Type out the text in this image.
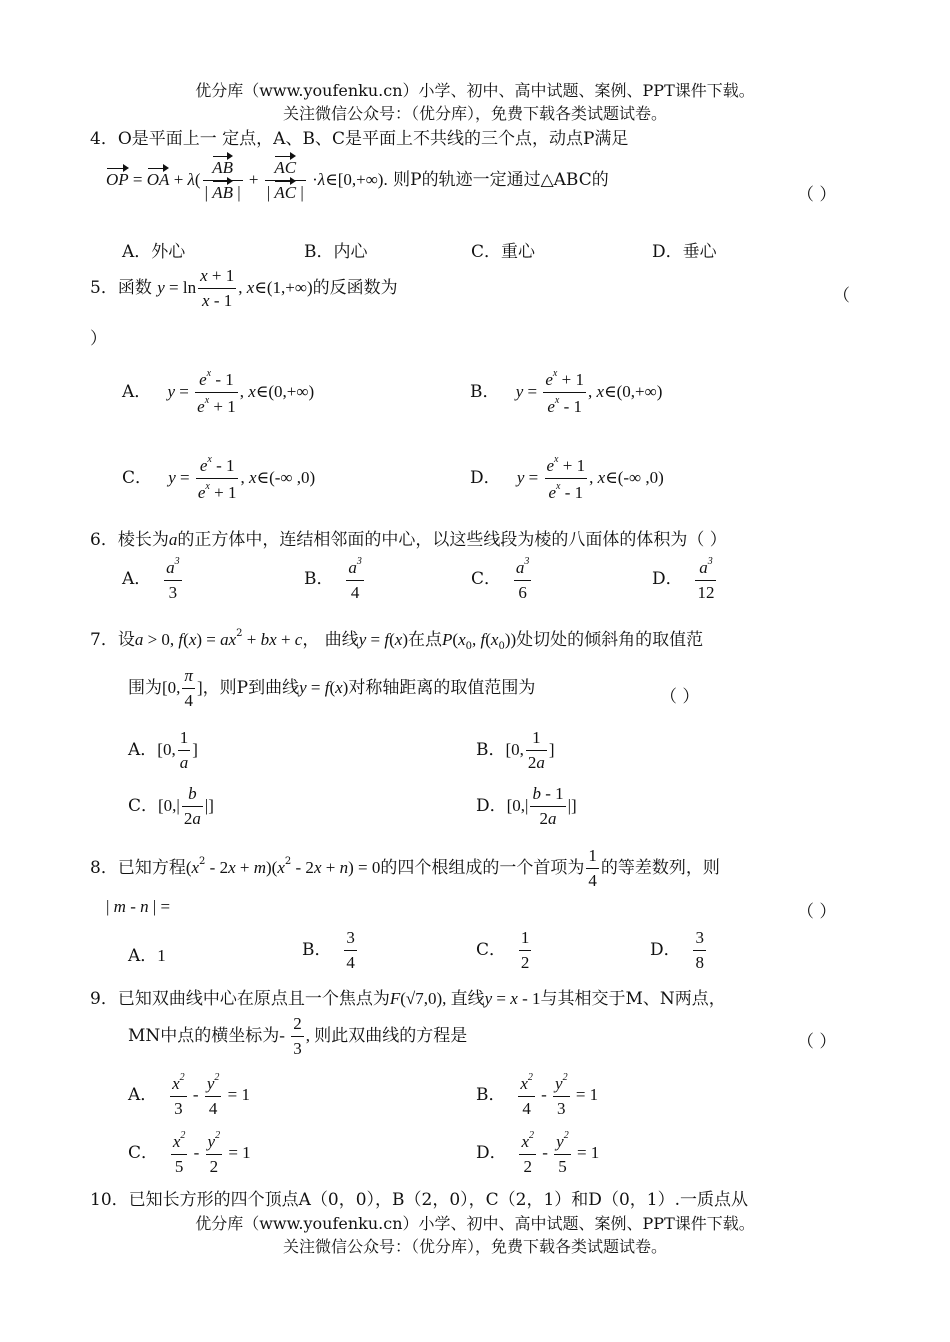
优分库（www.youfenku.cn）小学、初中、高中试题、案例、PPT课件下载。
关注微信公众号：（优分库），免费下载各类试题试卷。
4．O是平面上一 定点，A、B、C是平面上不共线的三个点，动点P满足
OP = OA + $\lambda( \frac{AB}{| AB |} + \frac{AC}{| AC |}$ ·λ∈[0,+∞). 则P的轨迹一定通过△ABC的
（ ）
A．外心	B．内心	C．重心	D．垂心
5．函数 $y = \ln \frac{x + 1}{x - 1}$ , x∈(1,+∞)的反函数为	（
）
A． $y = \frac{e^x - 1}{e^x + 1}$ , x∈(0,+∞)	B． $y = \frac{e^x + 1}{e^x - 1}$ , x∈(0,+∞)
C． $y = \frac{e^x - 1}{e^x + 1}$ , x∈(-∞ ,0)	D． $y = \frac{e^x + 1}{e^x - 1}$ , x∈(-∞ ,0)
6．棱长为a的正方体中，连结相邻面的中心，以这些线段为棱的八面体的体积为（ ）
A． $\frac{a^3}{3}$	B． $\frac{a^3}{4}$	C． $\frac{a^3}{6}$	D． $\frac{a^3}{12}$
7．设a > 0, $f(x) = ax^2$ + bx + c， 曲线y = f(x)在点$P(x_0$, $f(x_0)$)处切处的倾斜角的取值范
围为[0, $\frac{\pi}{4}$ ]，则P到曲线y = f(x)对称轴距离的取值范围为	（ ）
A．[0, $\frac{1}{a}$ ]	B．[0, $\frac{1}{2a}$ ]
C．[$0,| \frac{b}{2a}$ |]	D．[$0,| \frac{b - 1}{2a}$ |]
8．已知方程$(x^2 - 2x + m)(x^2 - 2x + n) = 0$的四个根组成的一个首项为 $\frac{1}{4}$ 的等差数列，则
| m - n | =	（ ）
A．1	B． $\frac{3}{4}$	C． $\frac{1}{2}$	D． $\frac{3}{8}$
9．已知双曲线中心在原点且一个焦点为F(√7,0), 直线y = x - 1与其相交于M、N两点，
MN中点的横坐标为- $\frac{2}{3}$ , 则此双曲线的方程是	（ ）
A． $\frac{x^2}{3} - \frac{y^2}{4} = 1$	B． $\frac{x^2}{4} - \frac{y^2}{3} = 1$
C． $\frac{x^2}{5} - \frac{y^2}{2} = 1$	D． $\frac{x^2}{2} - \frac{y^2}{5} = 1$
10．已知长方形的四个顶点A（0，0），B（2，0），C（2，1）和D（0，1）.一质点从
优分库（www.youfenku.cn）小学、初中、高中试题、案例、PPT课件下载。
关注微信公众号：（优分库），免费下载各类试题试卷。
